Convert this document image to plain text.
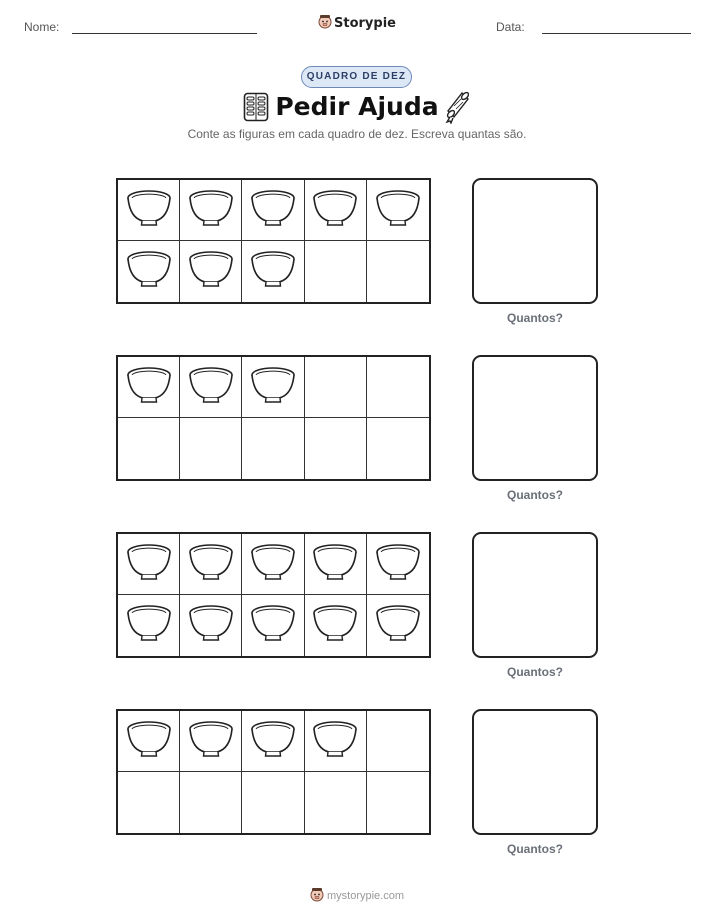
Nome:	Storypie	Data:
QUADRO DE DEZ
Pedir Ajuda
Conte as figuras em cada quadro de dez. Escreva quantas são.
Quantos?
Quantos?
Quantos?
Quantos?
mystorypie.com
